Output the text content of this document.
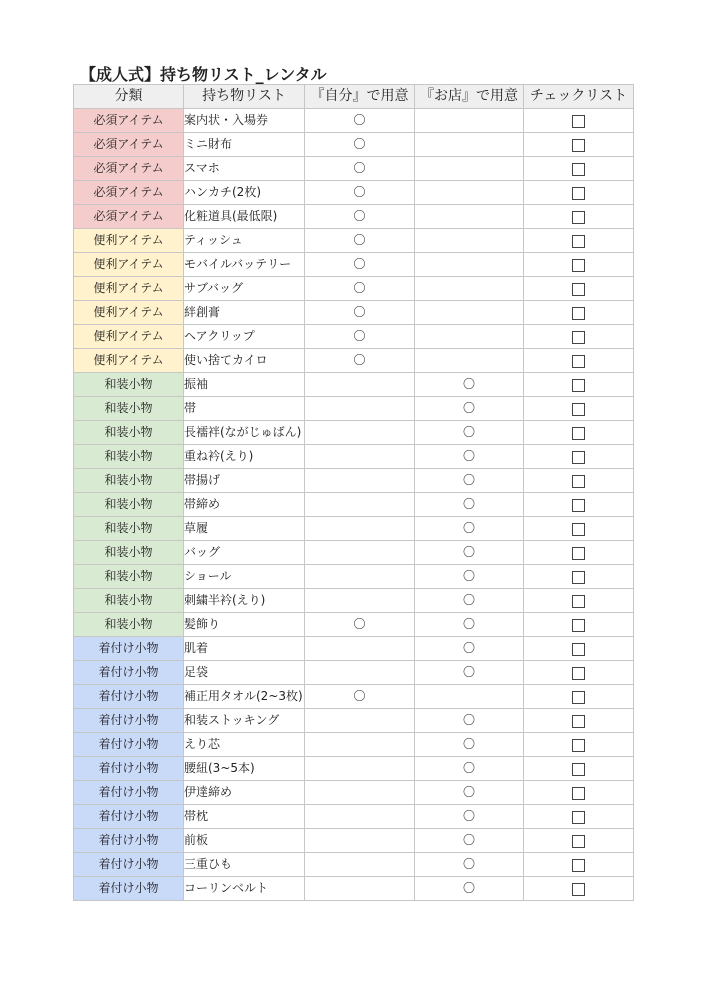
【成人式】持ち物リスト_レンタル
分類	持ち物リスト	『自分』で用意	『お店』で用意	チェックリスト
必須アイテム	案内状・入場券	〇		
必須アイテム	ミニ財布	〇		
必須アイテム	スマホ	〇		
必須アイテム	ハンカチ(2枚)	〇		
必須アイテム	化粧道具(最低限)	〇		
便利アイテム	ティッシュ	〇		
便利アイテム	モバイルバッテリー	〇		
便利アイテム	サブバッグ	〇		
便利アイテム	絆創膏	〇		
便利アイテム	ヘアクリップ	〇		
便利アイテム	使い捨てカイロ	〇		
和装小物	振袖		〇	
和装小物	帯		〇	
和装小物	長襦袢(ながじゅばん)		〇	
和装小物	重ね衿(えり)		〇	
和装小物	帯揚げ		〇	
和装小物	帯締め		〇	
和装小物	草履		〇	
和装小物	バッグ		〇	
和装小物	ショール		〇	
和装小物	刺繍半衿(えり)		〇	
和装小物	髪飾り	〇	〇	
着付け小物	肌着		〇	
着付け小物	足袋		〇	
着付け小物	補正用タオル(2~3枚)	〇		
着付け小物	和装ストッキング		〇	
着付け小物	えり芯		〇	
着付け小物	腰紐(3~5本)		〇	
着付け小物	伊達締め		〇	
着付け小物	帯枕		〇	
着付け小物	前板		〇	
着付け小物	三重ひも		〇	
着付け小物	コーリンベルト		〇	
